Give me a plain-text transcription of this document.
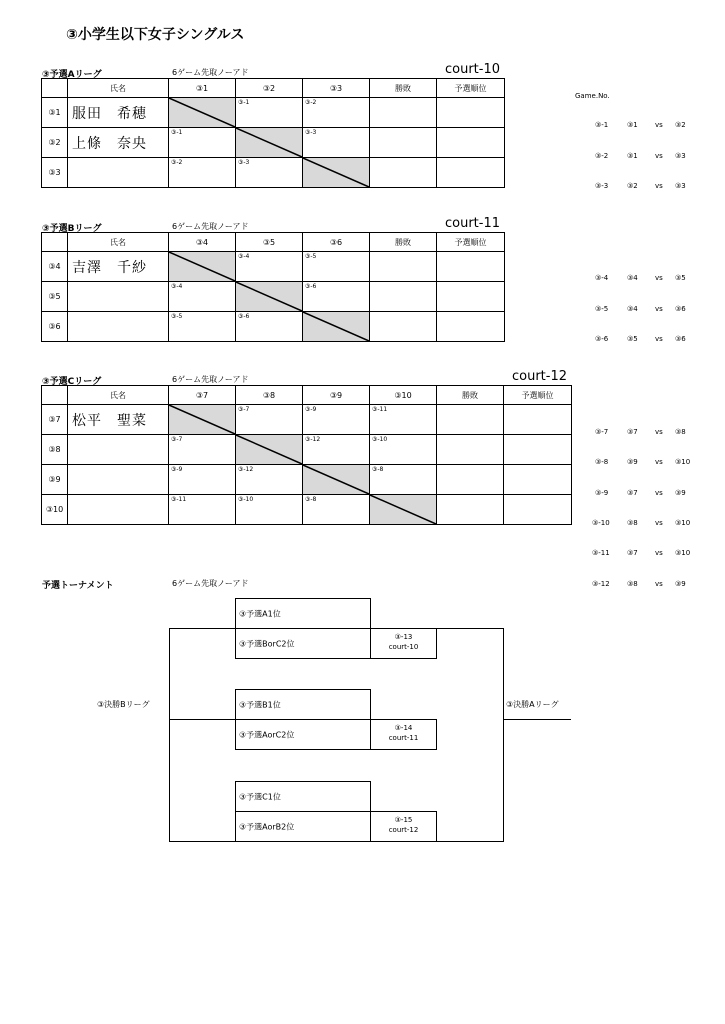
③小学生以下女子シングルス
③予選Aリーグ	6ゲーム先取ノーアド	court-10
Game.No.
	氏名	③1	③2	③3	勝敗	予選順位
③1	服田　希穂		③-1	③-2		

③2	上條　奈央	③-1		③-3		

③3		③-2	③-3

③-1	③1 vs ③2
③-2	③1 vs ③3
③-3	③2 vs ③3
③予選Bリーグ	6ゲーム先取ノーアド	court-11
	氏名	③4	③5	③6	勝敗	予選順位
③4	吉澤　千紗		③-4	③-5		

③5		③-4		③-6		

③6		③-5	③-6

③-4	③4 vs ③5
③-5	③4 vs ③6
③-6	③5 vs ③6
③予選Cリーグ	6ゲーム先取ノーアド	court-12
	氏名	③7	③8	③9	③10	勝敗	予選順位
③7	松平　聖菜		③-7	③-9	③-11		

③8		③-7		③-12	③-10		

③9		③-9	③-12		③-8		

③10		③-11	③-10	③-8

③-7	③7 vs ③8
③-8	③9 vs ③10
③-9	③7 vs ③9
③-10 ③8 vs ③10
③-11 ③7 vs ③10
③-12 ③8 vs ③9
予選トーナメント	6ゲーム先取ノーアド
③予選A1位
③予選BorC2位
③-13
court-10
③予選B1位
③予選AorC2位
③-14
court-11
③予選C1位
③予選AorB2位
③-15
court-12
③決勝Bリーグ	③決勝Aリーグ
